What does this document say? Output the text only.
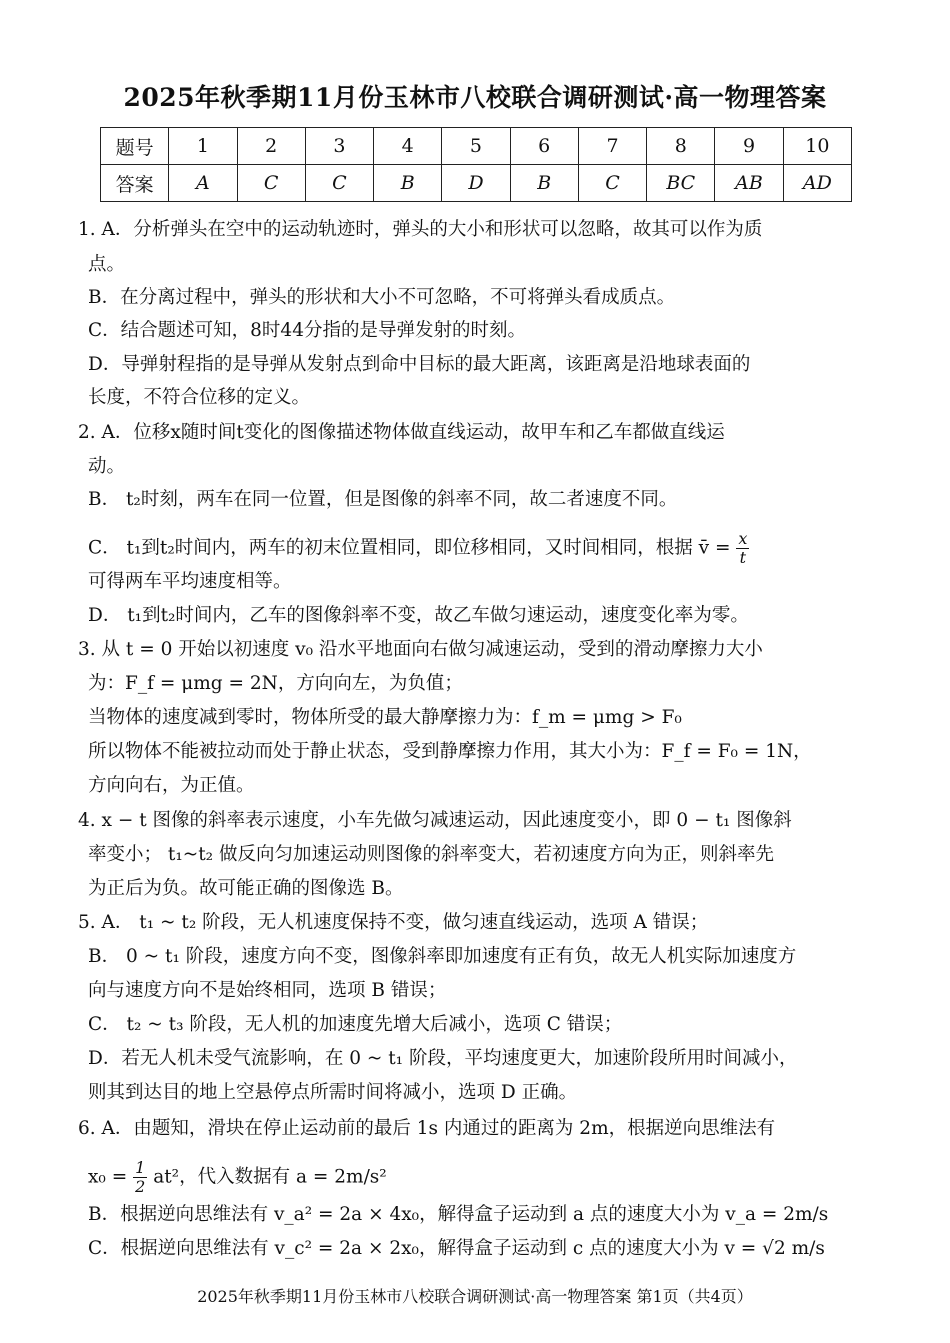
2025年秋季期11月份玉林市八校联合调研测试·高一物理答案
题号	1	2	3	4	5	6	7	8	9	10
答案	A	C	C	B	D	B	C	BC	AB	AD
1. A．分析弹头在空中的运动轨迹时，弹头的大小和形状可以忽略，故其可以作为质
点。
B．在分离过程中，弹头的形状和大小不可忽略，不可将弹头看成质点。
C．结合题述可知，8时44分指的是导弹发射的时刻。
D．导弹射程指的是导弹从发射点到命中目标的最大距离，该距离是沿地球表面的
长度，不符合位移的定义。
2. A．位移x随时间t变化的图像描述物体做直线运动，故甲车和乙车都做直线运
动。
B． t₂时刻，两车在同一位置，但是图像的斜率不同，故二者速度不同。
C． t₁到t₂时间内，两车的初末位置相同，即位移相同，又时间相同，根据 v̄ = $\frac{x}{t}$
可得两车平均速度相等。
D． t₁到t₂时间内，乙车的图像斜率不变，故乙车做匀速运动，速度变化率为零。
3. 从 t = 0 开始以初速度 v₀ 沿水平地面向右做匀减速运动，受到的滑动摩擦力大小
为：F_f = μmg = 2N，方向向左，为负值；
当物体的速度减到零时，物体所受的最大静摩擦力为：f_m = μmg > F₀
所以物体不能被拉动而处于静止状态，受到静摩擦力作用，其大小为：F_f = F₀ = 1N，
方向向右，为正值。
4. x − t 图像的斜率表示速度，小车先做匀减速运动，因此速度变小，即 0 − t₁ 图像斜
率变小； t₁~t₂ 做反向匀加速运动则图像的斜率变大，若初速度方向为正，则斜率先
为正后为负。故可能正确的图像选 B。
5. A． t₁ ~ t₂ 阶段，无人机速度保持不变，做匀速直线运动，选项 A 错误；
B． 0 ~ t₁ 阶段，速度方向不变，图像斜率即加速度有正有负，故无人机实际加速度方
向与速度方向不是始终相同，选项 B 错误；
C． t₂ ~ t₃ 阶段，无人机的加速度先增大后减小，选项 C 错误；
D．若无人机未受气流影响，在 0 ~ t₁ 阶段，平均速度更大，加速阶段所用时间减小，
则其到达目的地上空悬停点所需时间将减小，选项 D 正确。
6. A．由题知，滑块在停止运动前的最后 1s 内通过的距离为 2m，根据逆向思维法有
$x_0 = \frac{1}{2} at^2$，代入数据有 a = 2m/s²
B．根据逆向思维法有 v_a² = 2a × 4x₀，解得盒子运动到 a 点的速度大小为 v_a = 2m/s
C．根据逆向思维法有 v_c² = 2a × 2x₀，解得盒子运动到 c 点的速度大小为 v = √2 m/s
2025年秋季期11月份玉林市八校联合调研测试·高一物理答案 第1页（共4页）
